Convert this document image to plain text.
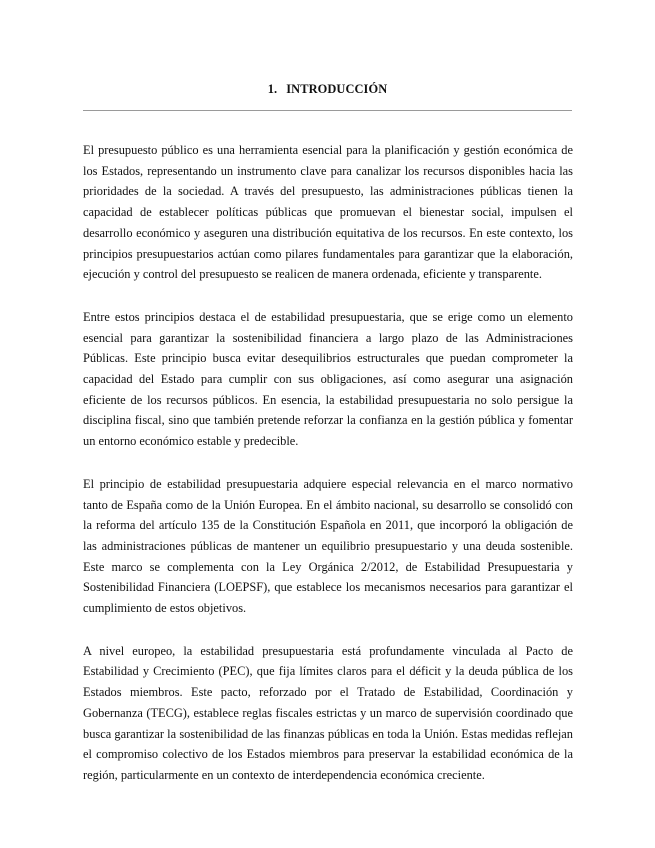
1. INTRODUCCIÓN

El presupuesto público es una herramienta esencial para la planificación y gestión económica de los Estados, representando un instrumento clave para canalizar los recursos disponibles hacia las prioridades de la sociedad. A través del presupuesto, las administraciones públicas tienen la capacidad de establecer políticas públicas que promuevan el bienestar social, impulsen el desarrollo económico y aseguren una distribución equitativa de los recursos. En este contexto, los principios presupuestarios actúan como pilares fundamentales para garantizar que la elaboración, ejecución y control del presupuesto se realicen de manera ordenada, eficiente y transparente.

Entre estos principios destaca el de estabilidad presupuestaria, que se erige como un elemento esencial para garantizar la sostenibilidad financiera a largo plazo de las Administraciones Públicas. Este principio busca evitar desequilibrios estructurales que puedan comprometer la capacidad del Estado para cumplir con sus obligaciones, así como asegurar una asignación eficiente de los recursos públicos. En esencia, la estabilidad presupuestaria no solo persigue la disciplina fiscal, sino que también pretende reforzar la confianza en la gestión pública y fomentar un entorno económico estable y predecible.

El principio de estabilidad presupuestaria adquiere especial relevancia en el marco normativo tanto de España como de la Unión Europea. En el ámbito nacional, su desarrollo se consolidó con la reforma del artículo 135 de la Constitución Española en 2011, que incorporó la obligación de las administraciones públicas de mantener un equilibrio presupuestario y una deuda sostenible. Este marco se complementa con la Ley Orgánica 2/2012, de Estabilidad Presupuestaria y Sostenibilidad Financiera (LOEPSF), que establece los mecanismos necesarios para garantizar el cumplimiento de estos objetivos.

A nivel europeo, la estabilidad presupuestaria está profundamente vinculada al Pacto de Estabilidad y Crecimiento (PEC), que fija límites claros para el déficit y la deuda pública de los Estados miembros. Este pacto, reforzado por el Tratado de Estabilidad, Coordinación y Gobernanza (TECG), establece reglas fiscales estrictas y un marco de supervisión coordinado que busca garantizar la sostenibilidad de las finanzas públicas en toda la Unión. Estas medidas reflejan el compromiso colectivo de los Estados miembros para preservar la estabilidad económica de la región, particularmente en un contexto de interdependencia económica creciente.
